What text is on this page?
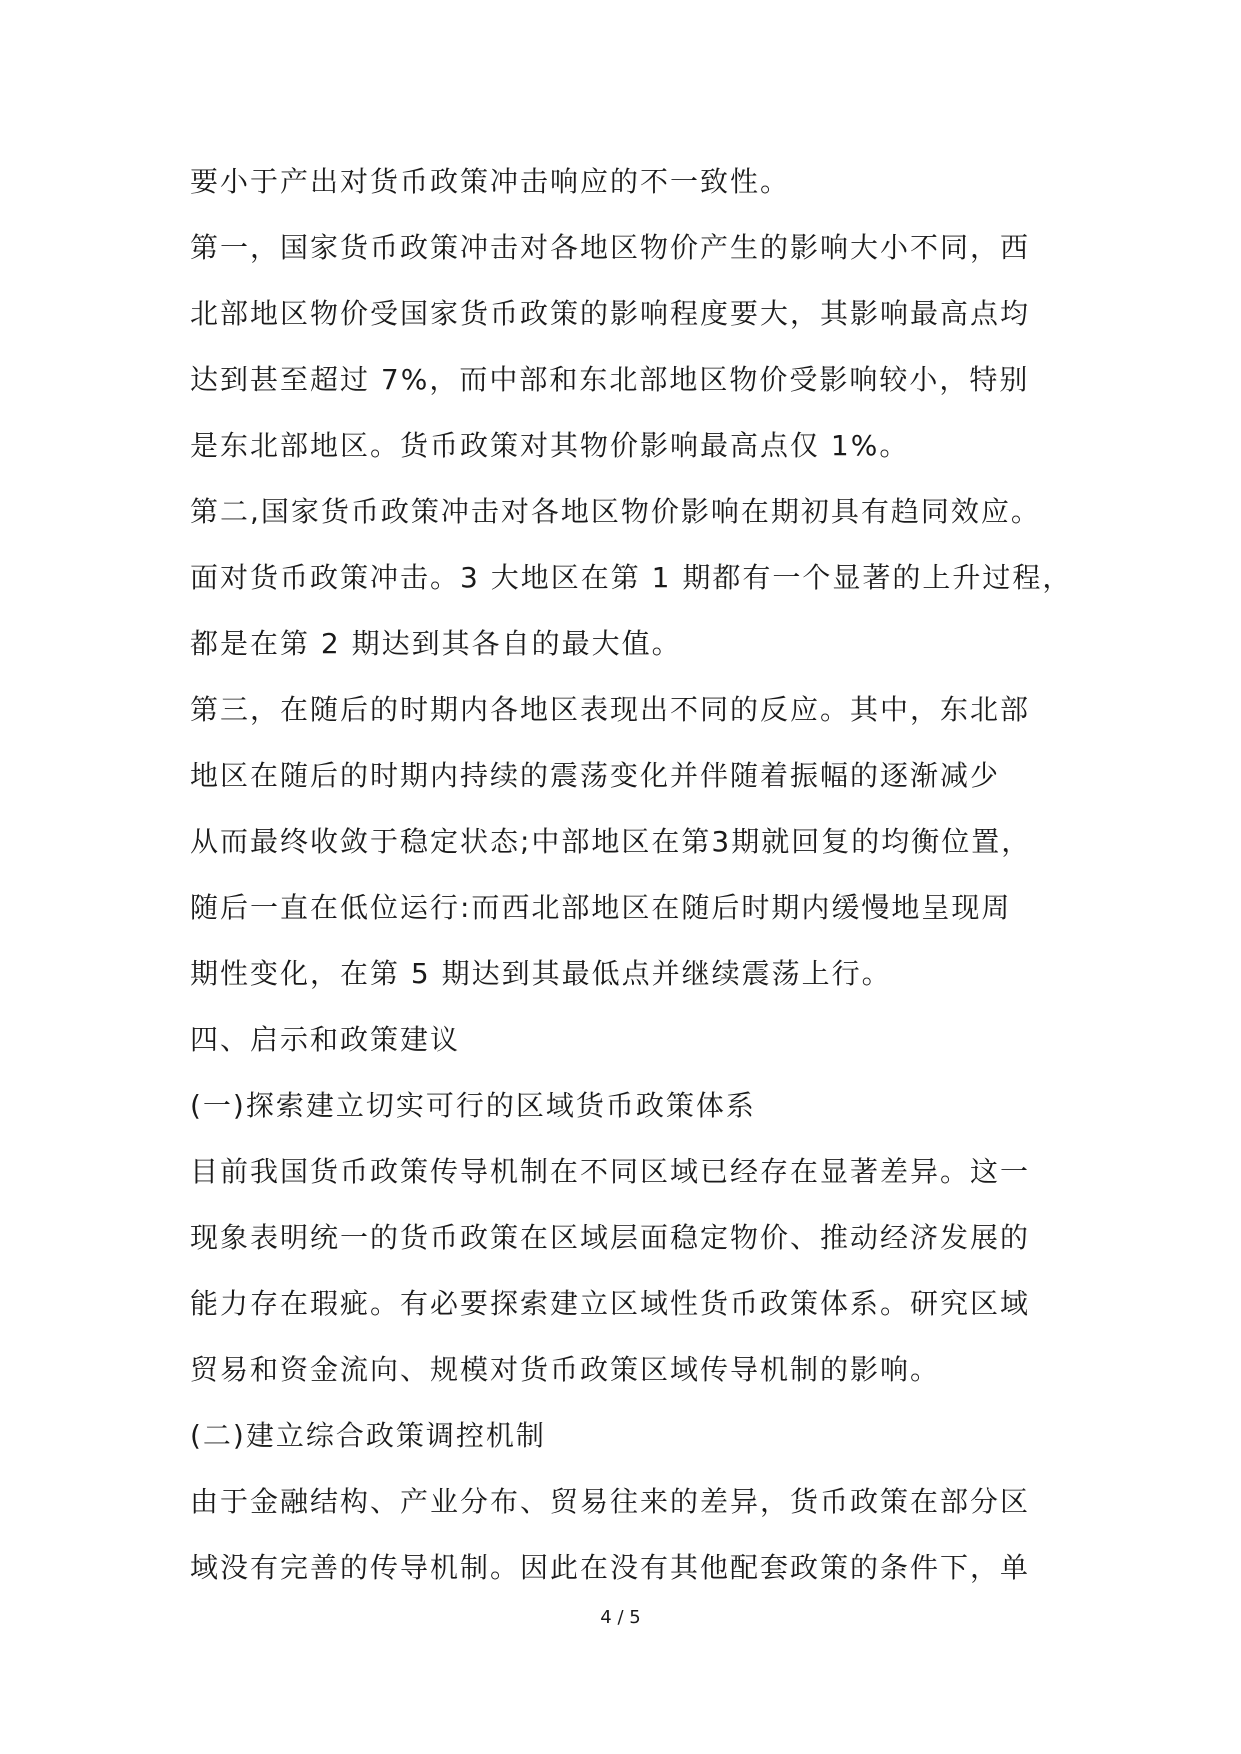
要小于产出对货币政策冲击响应的不一致性。
第一，国家货币政策冲击对各地区物价产生的影响大小不同，西
北部地区物价受国家货币政策的影响程度要大，其影响最高点均
达到甚至超过 7%，而中部和东北部地区物价受影响较小，特别
是东北部地区。货币政策对其物价影响最高点仅 1%。
第二,国家货币政策冲击对各地区物价影响在期初具有趋同效应。
面对货币政策冲击。3 大地区在第 1 期都有一个显著的上升过程，
都是在第 2 期达到其各自的最大值。
第三，在随后的时期内各地区表现出不同的反应。其中，东北部
地区在随后的时期内持续的震荡变化并伴随着振幅的逐渐减少
从而最终收敛于稳定状态;中部地区在第3期就回复的均衡位置，
随后一直在低位运行:而西北部地区在随后时期内缓慢地呈现周
期性变化，在第 5 期达到其最低点并继续震荡上行。
四、启示和政策建议
(一)探索建立切实可行的区域货币政策体系
目前我国货币政策传导机制在不同区域已经存在显著差异。这一
现象表明统一的货币政策在区域层面稳定物价、推动经济发展的
能力存在瑕疵。有必要探索建立区域性货币政策体系。研究区域
贸易和资金流向、规模对货币政策区域传导机制的影响。
(二)建立综合政策调控机制
由于金融结构、产业分布、贸易往来的差异，货币政策在部分区
域没有完善的传导机制。因此在没有其他配套政策的条件下，单
4 / 5
